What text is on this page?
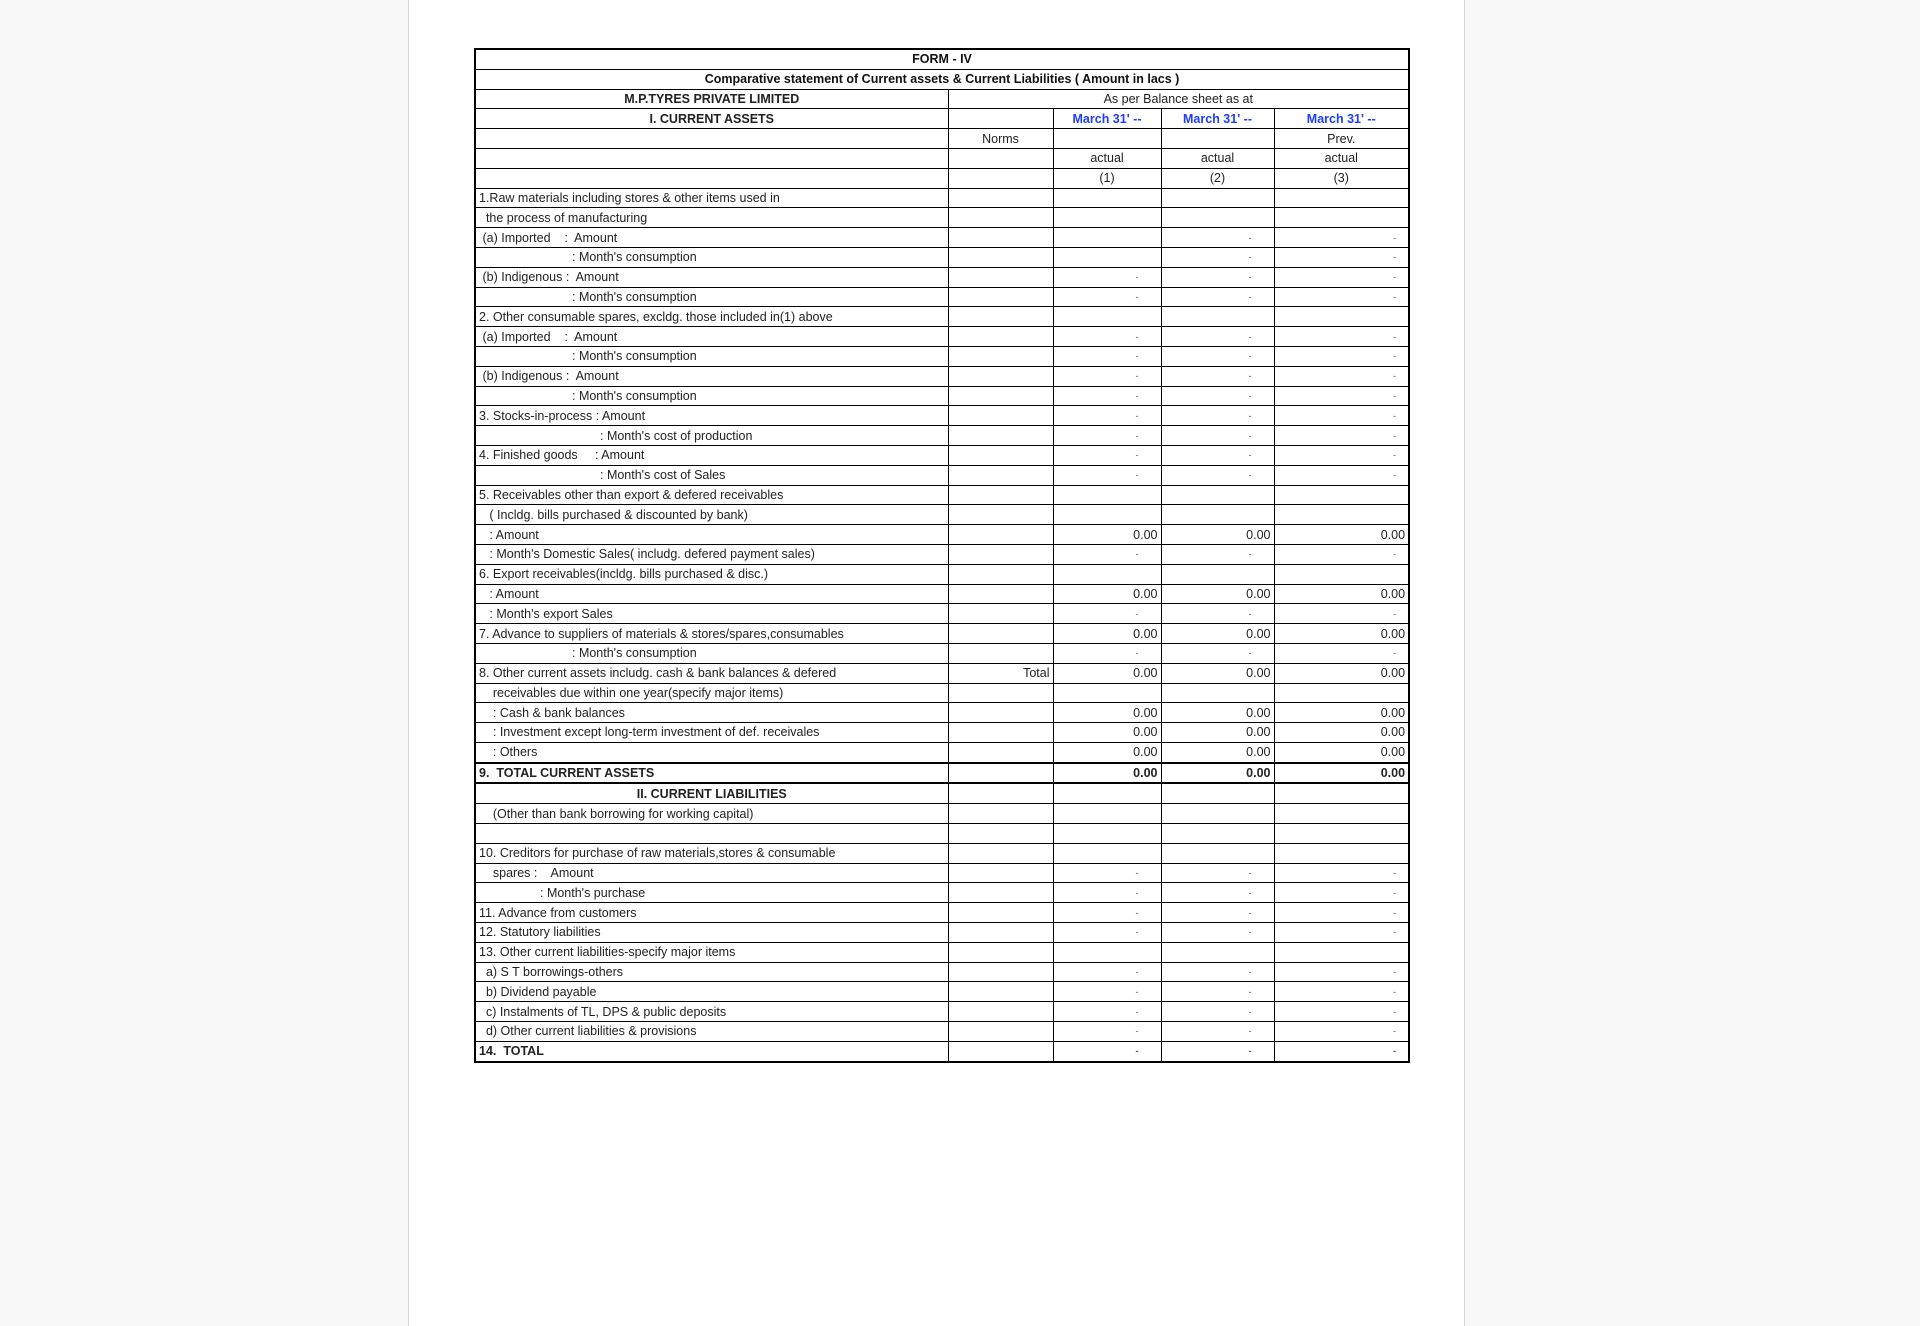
FORM - IV				
Comparative statement of Current assets & Current Liabilities ( Amount in lacs )				
M.P.TYRES PRIVATE LIMITED	As per Balance sheet as at			
I. CURRENT ASSETS		March 31' --	March 31' --	March 31' --
	Norms			Prev.
		actual	actual	actual
		(1)	(2)	(3)
1.Raw materials including stores & other items used in				
the process of manufacturing				
(a) Imported    :  Amount			-	-
: Month's consumption			-	-
(b) Indigenous :  Amount		-	-	-
: Month's consumption		-	-	-
2. Other consumable spares, excldg. those included in(1) above				
(a) Imported    :  Amount		-	-	-
: Month's consumption		-	-	-
(b) Indigenous :  Amount		-	-	-
: Month's consumption		-	-	-
3. Stocks-in-process : Amount		-	-	-
: Month's cost of production		-	-	-
4. Finished goods     : Amount		-	-	-
: Month's cost of Sales		-	-	-
5. Receivables other than export & defered receivables				
( Incldg. bills purchased & discounted by bank)				
: Amount		0.00	0.00	0.00
: Month's Domestic Sales( includg. defered payment sales)		-	-	-
6. Export receivables(incldg. bills purchased & disc.)				
: Amount		0.00	0.00	0.00
: Month's export Sales		-	-	-
7. Advance to suppliers of materials & stores/spares,consumables		0.00	0.00	0.00
: Month's consumption		-	-	-
8. Other current assets includg. cash & bank balances & defered	Total	0.00	0.00	0.00
receivables due within one year(specify major items)				
: Cash & bank balances		0.00	0.00	0.00
: Investment except long-term investment of def. receivales		0.00	0.00	0.00
: Others		0.00	0.00	0.00
9.  TOTAL CURRENT ASSETS		0.00	0.00	0.00
II. CURRENT LIABILITIES				
(Other than bank borrowing for working capital)				

10. Creditors for purchase of raw materials,stores & consumable				
spares :    Amount		-	-	-
: Month's purchase		-	-	-
11. Advance from customers		-	-	-
12. Statutory liabilities		-	-	-
13. Other current liabilities-specify major items				
a) S T borrowings-others		-	-	-
b) Dividend payable		-	-	-
c) Instalments of TL, DPS & public deposits		-	-	-
d) Other current liabilities & provisions		-	-	-
14.  TOTAL		-	-	-
